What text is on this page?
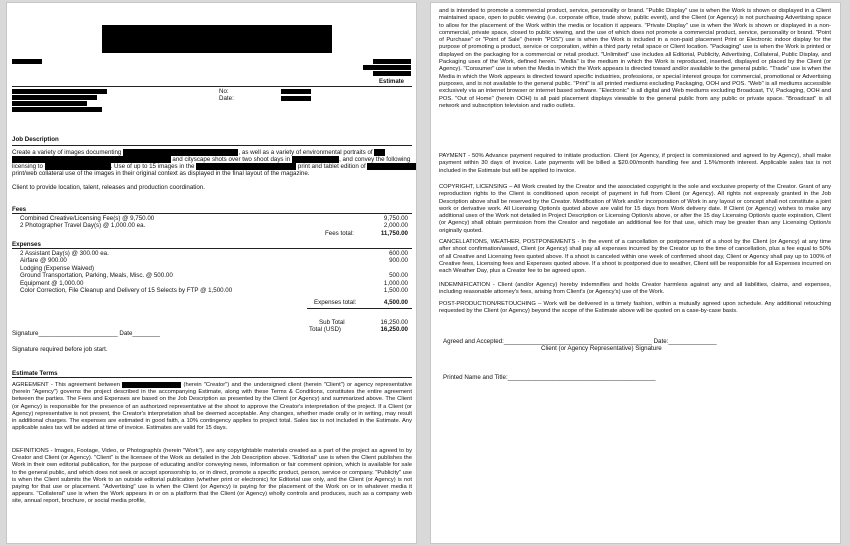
Estimate
No:
Date:
Job Description
Create a variety of images documenting	, as well as a variety of environmental portraits of
and cityscape shots over two shoot days in	, and convey the following
licensing to	. Use of up to 15 images in the	print and tablet edition of
print/web collateral use of the images in their original context as displayed in the final layout of the magazine.
Client to provide location, talent, releases and production coordination.
Fees
Combined Creative/Licensing Fee(s) @ 9,750.00	9,750.00
2 Photographer Travel Day(s) @ 1,000.00 ea.	2,000.00
Fees total:	11,750.00
Expenses
2 Assistant Day(s) @ 300.00 ea.	600.00
Airfare @ 900.00	900.00
Lodging (Expense Waived)
Ground Transportation, Parking, Meals, Misc. @ 500.00	500.00
Equipment @ 1,000.00	1,000.00
Color Correction, File Cleanup and Delivery of 15 Selects by FTP @ 1,500.00	1,500.00
Expenses total:	4,500.00
Sub Total	16,250.00
Total (USD)	16,250.00
Signature_______________________ Date________
Signature required before job start.
Estimate Terms
AGREEMENT - This agreement between	(herein "Creator") and the undersigned client (herein "Client") or agency representative (herein "Agency") governs the project described in the accompanying Estimate, along with these Terms & Conditions, constitutes the entire agreement between the parties. The Fees and Expenses are based on the Job Description as presented by the Client (or Agency) and summarized above. The Client (or Agency) is responsible for the presence of an authorized representative at the shoot to approve the Creator's interpretation of the project. If a Client (or Agency) representative is not present, the Creator's interpretation shall be deemed acceptable. Any changes, whether made orally or in writing, may result in additional charges. The expenses are estimated in good faith, a 10% contingency applies to project total. Sales tax is not included in the Estimate. Any applicable sales tax will be added at time of invoice. Estimates are valid for 15 days.
DEFINITIONS - Images, Footage, Video, or Photograph/s (herein "Work"), are any copyrightable materials created as a part of the project as agreed to by Creator and Client (or Agency). "Client" is the licensee of the Work as detailed in the Job Description above. "Editorial" use is when the Client publishes the Work in their own editorial publication, for the purpose of educating and/or conveying news, information or fair comment opinion, which is available for sale to the general public, and which does not seek or accept sponsorship to, or in direct, promote a specific product, person, service or company. "Publicity" use is when the Client submits the Work to an outside editorial publication (whether print or electronic) for Editorial use only, and the Client (or Agency) is not paying for that use or placement. "Advertising" use is when the Client (or Agency) is paying for the placement of the Work on or in whatever media it appears. "Collateral" use is when the Work appears in or on a platform that the Client (or Agency) wholly controls and produces, such as a company web site, annual report, brochure, or social media profile,
and is intended to promote a commercial product, service, personality or brand. "Public Display" use is when the Work is shown or displayed in a Client maintained space, open to public viewing (i.e. corporate office, trade show, public event), and the Client (or Agency) is not purchasing Advertising space to allow for the placement of the Work within the media or location it appears. "Private Display" use is when the Work is shown or displayed in a non-commercial, private space, closed to public viewing, and the use of which does not promote a commercial product, service, personality or brand. "Point of Purchase" or "Point of Sale" (herein "POS") use is when the Work is included in a non-paid placement Print or Electronic indoor display for the purpose of promoting a product, service or corporation, within a third party retail space or Client location. "Packaging" use is when the Work is printed or displayed on the packaging for a commercial or retail product. "Unlimited" use includes all Editorial, Publicity, Advertising, Collateral, Public Display, and Packaging uses of the Work, defined herein. "Media" is the medium in which the Work is reproduced, inserted, displayed or placed by the Client (or Agency). "Consumer" use is when the Media in which the Work appears is directed toward and/or available to the general public. "Trade" use is when the Media in which the Work appears is directed toward specific industries, professions, or special interest groups for commercial, promotional or Advertising purposes, and is not available to the general public. "Print" is all printed mediums excluding Packaging, OOH and POS. "Web" is all mediums accessible exclusively via an internet browser or internet based software. "Electronic" is all digital and Web mediums excluding Broadcast, TV, Packaging, OOH and POS. "Out of Home" (herein OOH) is all paid placement displays viewable to the general public from any public or private space. "Broadcast" is all network and subscription television and radio outlets.
PAYMENT - 50% Advance payment required to initiate production. Client (or Agency, if project is commissioned and agreed to by Agency), shall make payment within 30 days of invoice. Late payments will be billed a $20.00/month handling fee and 1.5%/month interest. Applicable sales tax is not included in the Estimate but will be applied to invoice.
COPYRIGHT, LICENSING – All Work created by the Creator and the associated copyright is the sole and exclusive property of the Creator. Grant of any reproduction rights to the Client is conditioned upon receipt of payment in full from Client (or Agency). All rights not expressly granted in the Job Description above shall be reserved by the Creator. Modification of Work and/or incorporation of Work in any layout or concept shall not constitute a joint work or derivative work. All Licensing Option/s quoted above are valid for 15 days from Work delivery date. If Client (or Agency) wishes to make any additional uses of the Work not detailed in Project Description or Licensing Option/s above, or after the 15 day Licensing Option/s quote expiration, Client (or Agency) shall obtain permission from the Creator and negotiate an additional fee for that use, which may be greater than any Licensing Option/s originally quoted.
CANCELLATIONS, WEATHER, POSTPONEMENTS - In the event of a cancellation or postponement of a shoot by the Client (or Agency) at any time after shoot confirmation/award, Client (or Agency) shall pay all expenses incurred by the Creator up to the time of cancellation, plus a fee equal to 50% of all Creative and Licensing fees quoted above. If a shoot is canceled within one week of confirmed shoot day, Client or Agency shall pay up to 100% of Creative fees, Licensing fees and Expenses quoted above. If a shoot is postponed due to weather, Client will be responsible for all Expenses incurred on each Weather Day, plus a Creator fee to be agreed upon.
INDEMNIFICATION - Client (and/or Agency) hereby indemnifies and holds Creator harmless against any and all liabilities, claims, and expenses, including reasonable attorney's fees, arising from Client's (or Agency's) use of the Work.
POST-PRODUCTION/RETOUCHING – Work will be delivered in a timely fashion, within a mutually agreed upon schedule. Any additional retouching requested by the Client (or Agency) beyond the scope of the Estimate above will be quoted on a case-by-case basis.
Agreed and Accepted:___________________________________________ Date:______________
Client (or Agency Representative) Signature
Printed Name and Title:___________________________________________
